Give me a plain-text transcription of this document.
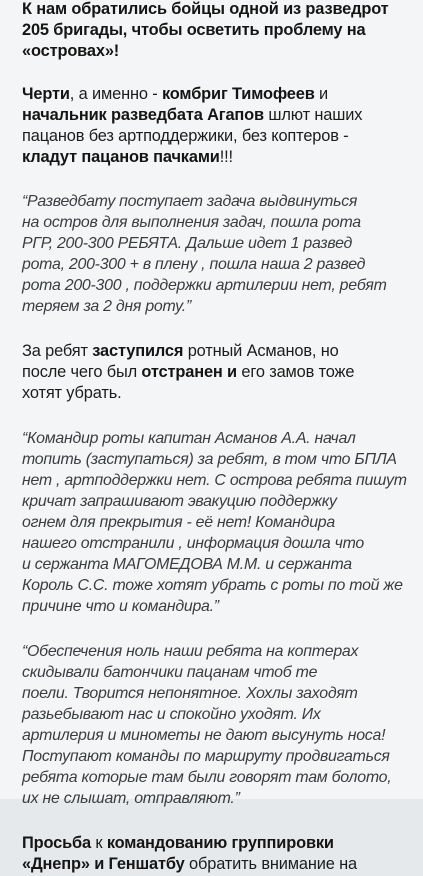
К нам обратились бойцы одной из разведрот
205 бригады, чтобы осветить проблему на
«островах»!
Черти, а именно - комбриг Тимофеев и
начальник разведбата Агапов шлют наших
пацанов без артподдержики, без коптеров -
кладут пацанов пачками!!!
“Разведбату поступает задача выдвинуться
на остров для выполнения задач, пошла рота
РГР, 200-300 РЕБЯТА. Дальше идет 1 развед
рота, 200-300 + в плену , пошла наша 2 развед
рота 200-300 , поддержки артилерии нет, ребят
теряем за 2 дня роту.”
За ребят заступился ротный Асманов, но
после чего был отстранен и его замов тоже
хотят убрать.
“Командир роты капитан Асманов А.А. начал
топить (заступаться) за ребят, в том что БПЛА
нет , артподдержки нет. С острова ребята пишут
кричат запрашивают эвакуцию поддержку
огнем для прекрытия - её нет! Командира
нашего отстранили , информация дошла что
и сержанта МАГОМЕДОВА М.М. и сержанта
Король С.С. тоже хотят убрать с роты по той же
причине что и командира.”
“Обеспечения ноль наши ребята на коптерах
скидывали батончики пацанам чтоб те
поели. Творится непонятное. Хохлы заходят
разьебывают нас и спокойно уходят. Их
артилерия и минометы не дают высунуть носа!
Поступают команды по маршруту продвигаться
ребята которые там были говорят там болото,
их не слышат, отправляют.”
Просьба к командованию группировки
«Днепр» и Геншатбу обратить внимание на
